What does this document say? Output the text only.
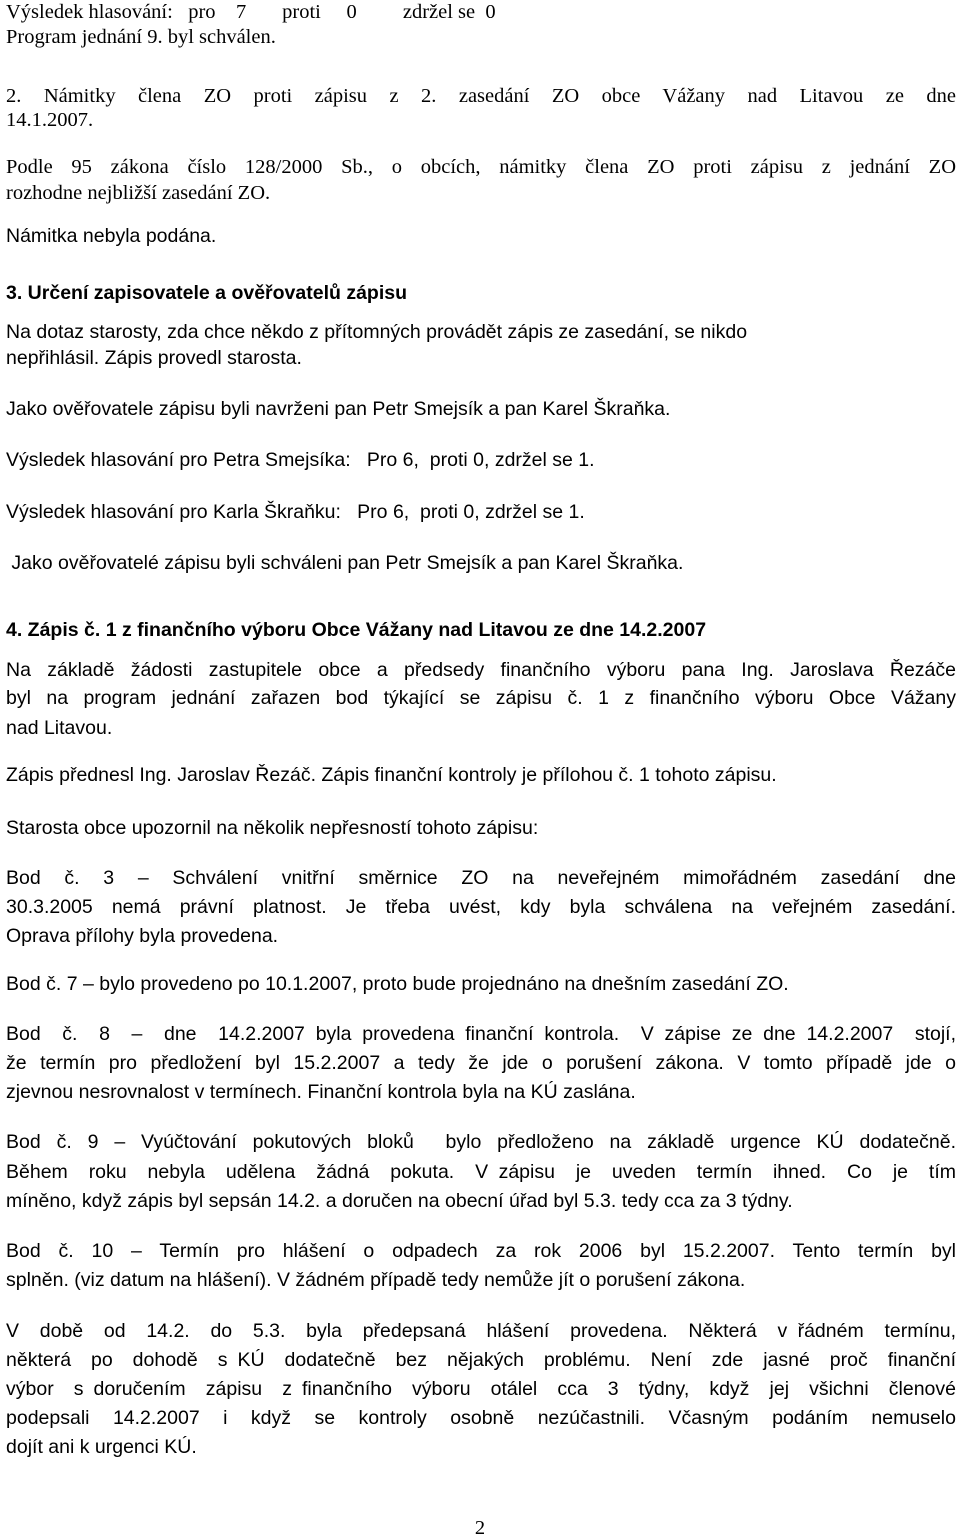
Výsledek hlasování:   pro    7       proti     0         zdržel se  0
Program jednání 9. byl schválen.
2. Námitky člena ZO proti zápisu z 2. zasedání ZO obce Vážany nad Litavou ze dne
14.1.2007.
Podle 95 zákona číslo 128/2000 Sb., o obcích, námitky člena ZO proti zápisu z jednání ZO
rozhodne nejbližší zasedání ZO.
Námitka nebyla podána.
3. Určení zapisovatele a ověřovatelů zápisu
Na dotaz starosty, zda chce někdo z přítomných provádět zápis ze zasedání, se nikdo
nepřihlásil. Zápis provedl starosta.
Jako ověřovatele zápisu byli navrženi pan Petr Smejsík a pan Karel Škraňka.
Výsledek hlasování pro Petra Smejsíka:   Pro 6,  proti 0, zdržel se 1.
Výsledek hlasování pro Karla Škraňku:   Pro 6,  proti 0, zdržel se 1.
Jako ověřovatelé zápisu byli schváleni pan Petr Smejsík a pan Karel Škraňka.
4. Zápis č. 1 z finančního výboru Obce Vážany nad Litavou ze dne 14.2.2007
Na základě žádosti zastupitele obce a předsedy finančního výboru pana Ing. Jaroslava Řezáče
byl na program jednání zařazen bod týkající se zápisu č. 1 z finančního výboru Obce Vážany
nad Litavou.
Zápis přednesl Ing. Jaroslav Řezáč. Zápis finanční kontroly je přílohou č. 1 tohoto zápisu.
Starosta obce upozornil na několik nepřesností tohoto zápisu:
Bod  č.  3  –  Schválení  vnitřní  směrnice  ZO  na  neveřejném  mimořádném  zasedání  dne
30.3.2005 nemá právní platnost. Je třeba uvést, kdy byla schválena na veřejném zasedání.
Oprava přílohy byla provedena.
Bod č. 7 – bylo provedeno po 10.1.2007, proto bude projednáno na dnešním zasedání ZO.
Bod  č.  8  –  dne  14.2.2007 byla provedena finanční kontrola.  V zápise ze dne 14.2.2007  stojí,
že termín pro předložení byl 15.2.2007 a tedy že jde o porušení zákona. V tomto případě jde o
zjevnou nesrovnalost v termínech. Finanční kontrola byla na KÚ zaslána.
Bod č. 9 – Vyúčtování pokutových bloků  bylo předloženo na základě urgence KÚ dodatečně.
Během  roku  nebyla  udělena  žádná  pokuta.  V zápisu  je  uveden  termín  ihned.  Co  je  tím
míněno, když zápis byl sepsán 14.2. a doručen na obecní úřad byl 5.3. tedy cca za 3 týdny.
Bod  č.  10  –  Termín  pro  hlášení  o  odpadech  za  rok  2006  byl  15.2.2007.  Tento  termín  byl
splněn. (viz datum na hlášení). V žádném případě tedy nemůže jít o porušení zákona.
V  době  od  14.2.  do  5.3.  byla  předepsaná  hlášení  provedena.  Některá  v řádném  termínu,
některá  po  dohodě  s KÚ  dodatečně  bez  nějakých  problému.  Není  zde  jasné  proč  finanční
výbor  s doručením  zápisu  z finančního  výboru  otálel  cca  3  týdny,  když  jej  všichni  členové
podepsali  14.2.2007  i  když  se  kontroly  osobně  nezúčastnili.  Včasným  podáním  nemuselo
dojít ani k urgenci KÚ.
2
